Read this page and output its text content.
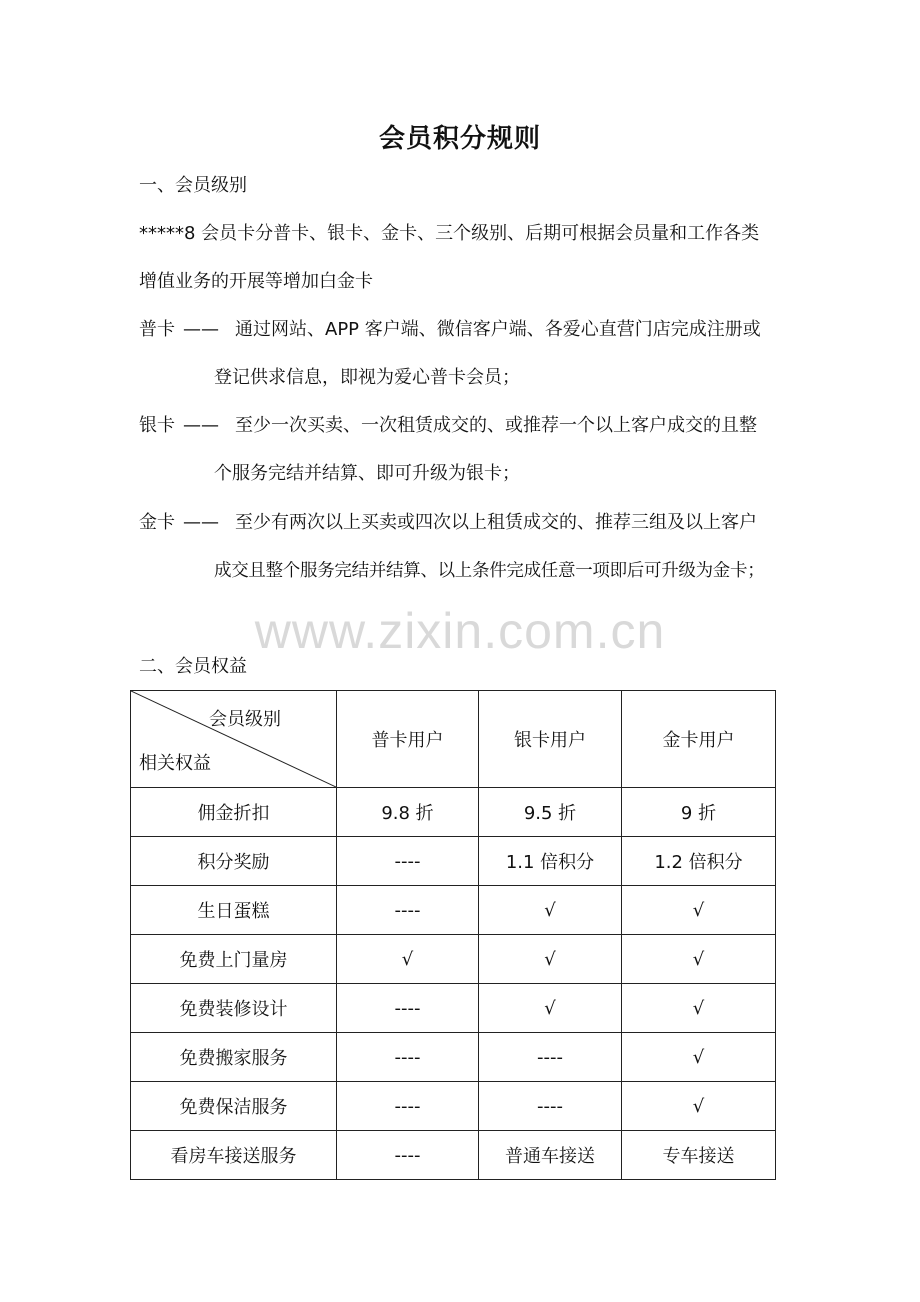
会员积分规则
一、会员级别
*****8 会员卡分普卡、银卡、金卡、三个级别、后期可根据会员量和工作各类
增值业务的开展等增加白金卡
普卡 —— 通过网站、APP 客户端、微信客户端、各爱心直营门店完成注册或
登记供求信息，即视为爱心普卡会员；
银卡 —— 至少一次买卖、一次租赁成交的、或推荐一个以上客户成交的且整
个服务完结并结算、即可升级为银卡；
金卡 —— 至少有两次以上买卖或四次以上租赁成交的、推荐三组及以上客户
成交且整个服务完结并结算、以上条件完成任意一项即后可升级为金卡；
www.zixin.com.cn
二、会员权益
会员级别
相关权益	普卡用户	银卡用户	金卡用户
佣金折扣	9.8 折	9.5 折	9 折
积分奖励	----	1.1 倍积分	1.2 倍积分
生日蛋糕	----	√	√
免费上门量房	√	√	√
免费装修设计	----	√	√
免费搬家服务	----	----	√
免费保洁服务	----	----	√
看房车接送服务	----	普通车接送	专车接送
